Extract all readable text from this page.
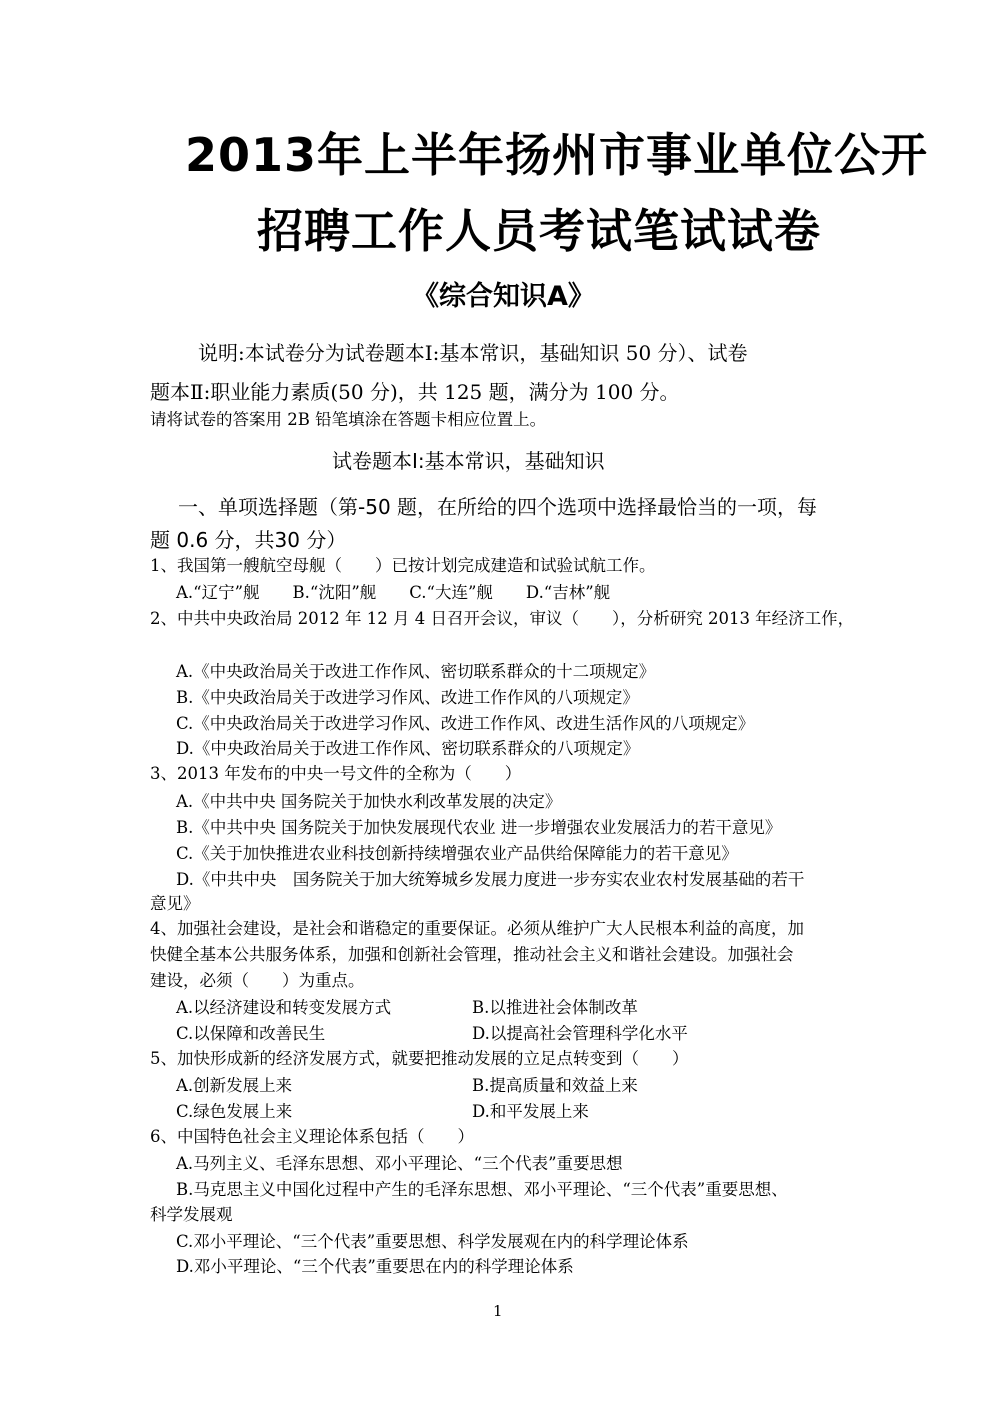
2013年上半年扬州市事业单位公开
招聘工作人员考试笔试试卷
《综合知识A》
说明:本试卷分为试卷题本Ⅰ:基本常识，基础知识 50 分）、试卷
题本Ⅱ:职业能力素质(50 分)，共 125 题，满分为 100 分。
请将试卷的答案用 2B 铅笔填涂在答题卡相应位置上。
试卷题本Ⅰ:基本常识，基础知识
一、单项选择题（第-50 题，在所给的四个选项中选择最恰当的一项，每
题 0.6 分，共30 分）
1、我国第一艘航空母舰（　　）已按计划完成建造和试验试航工作。
A.“辽宁”舰　　B.“沈阳”舰　　C.“大连”舰　　D.“吉林”舰
2、中共中央政治局 2012 年 12 月 4 日召开会议，审议（　　），分析研究 2013 年经济工作，
A.《中央政治局关于改进工作作风、密切联系群众的十二项规定》
B.《中央政治局关于改进学习作风、改进工作作风的八项规定》
C.《中央政治局关于改进学习作风、改进工作作风、改进生活作风的八项规定》
D.《中央政治局关于改进工作作风、密切联系群众的八项规定》
3、2013 年发布的中央一号文件的全称为（　　）
A.《中共中央 国务院关于加快水利改革发展的决定》
B.《中共中央 国务院关于加快发展现代农业 进一步增强农业发展活力的若干意见》
C.《关于加快推进农业科技创新持续增强农业产品供给保障能力的若干意见》
D.《中共中央　国务院关于加大统筹城乡发展力度进一步夯实农业农村发展基础的若干
意见》
4、加强社会建设，是社会和谐稳定的重要保证。必须从维护广大人民根本利益的高度，加
快健全基本公共服务体系，加强和创新社会管理，推动社会主义和谐社会建设。加强社会
建设，必须（　　）为重点。
A.以经济建设和转变发展方式	B.以推进社会体制改革
C.以保障和改善民生	D.以提高社会管理科学化水平
5、加快形成新的经济发展方式，就要把推动发展的立足点转变到（　　）
A.创新发展上来	B.提高质量和效益上来
C.绿色发展上来	D.和平发展上来
6、中国特色社会主义理论体系包括（　　）
A.马列主义、毛泽东思想、邓小平理论、“三个代表”重要思想
B.马克思主义中国化过程中产生的毛泽东思想、邓小平理论、“三个代表”重要思想、
科学发展观
C.邓小平理论、“三个代表”重要思想、科学发展观在内的科学理论体系
D.邓小平理论、“三个代表”重要思在内的科学理论体系
1
